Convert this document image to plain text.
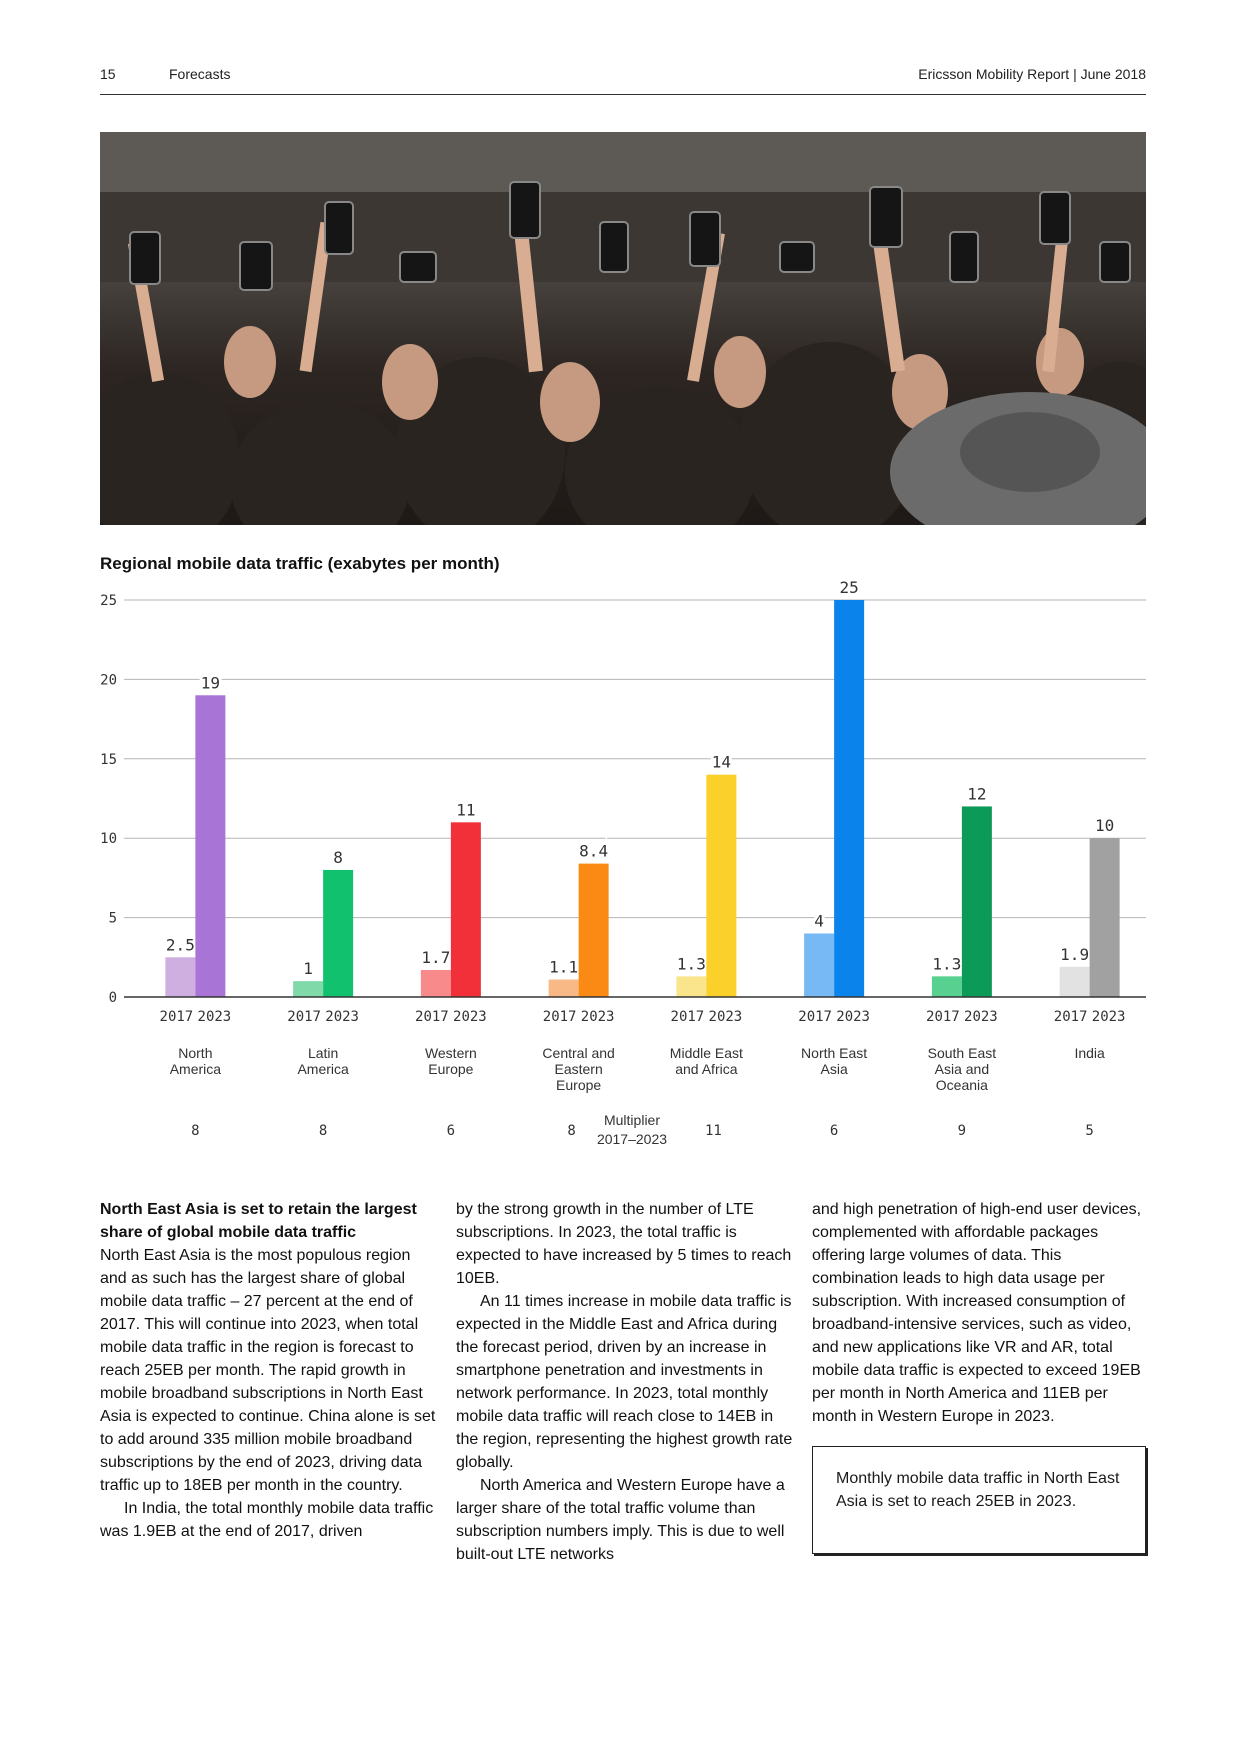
15	Forecasts	Ericsson Mobility Report | June 2018
Regional mobile data traffic (exabytes per month)
0
5
10
15
20
25
2.5
19
2017 2023
North
America
8
1
8
2017 2023
Latin
America
8
1.7
11
2017 2023
Western
Europe
6
1.1
8.4
2017 2023
Central and
Eastern
Europe
8
1.3
14
2017 2023
Middle East
and Africa
11
4
25
2017 2023
North East
Asia
6
1.3
12
2017 2023
South East
Asia and
Oceania
9
1.9
10
2017 2023
India
5
Multiplier
2017–2023

North East Asia is set to retain the largest share of global mobile data traffic

North East Asia is the most populous region and as such has the largest share of global mobile data traffic – 27 percent at the end of 2017. This will continue into 2023, when total mobile data traffic in the region is forecast to reach 25EB per month. The rapid growth in mobile broadband subscriptions in North East Asia is expected to continue. China alone is set to add around 335 million mobile broadband subscriptions by the end of 2023, driving data traffic up to 18EB per month in the country.

In India, the total monthly mobile data traffic was 1.9EB at the end of 2017, driven

by the strong growth in the number of LTE subscriptions. In 2023, the total traffic is expected to have increased by 5 times to reach 10EB.

An 11 times increase in mobile data traffic is expected in the Middle East and Africa during the forecast period, driven by an increase in smartphone penetration and investments in network performance. In 2023, total monthly mobile data traffic will reach close to 14EB in the region, representing the highest growth rate globally.

North America and Western Europe have a larger share of the total traffic volume than subscription numbers imply. This is due to well built-out LTE networks

and high penetration of high-end user devices, complemented with affordable packages offering large volumes of data. This combination leads to high data usage per subscription. With increased consumption of broadband-intensive services, such as video, and new applications like VR and AR, total mobile data traffic is expected to exceed 19EB per month in North America and 11EB per month in Western Europe in 2023.

Monthly mobile data traffic in North East Asia is set to reach 25EB in 2023.
